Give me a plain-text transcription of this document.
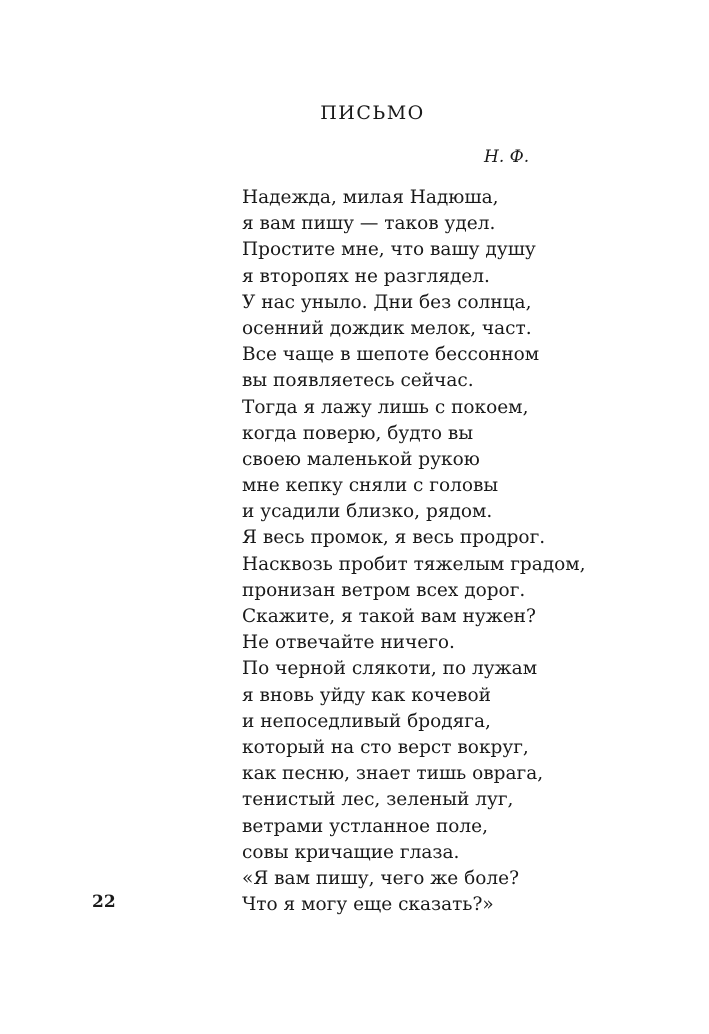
ПИСЬМО
Н. Ф.
Надежда, милая Надюша,
я вам пишу — таков удел.
Простите мне, что вашу душу
я второпях не разглядел.
У нас уныло. Дни без солнца,
осенний дождик мелок, част.
Все чаще в шепоте бессонном
вы появляетесь сейчас.
Тогда я лажу лишь с покоем,
когда поверю, будто вы
своею маленькой рукою
мне кепку сняли с головы
и усадили близко, рядом.
Я весь промок, я весь продрог.
Насквозь пробит тяжелым градом,
пронизан ветром всех дорог.
Скажите, я такой вам нужен?
Не отвечайте ничего.
По черной слякоти, по лужам
я вновь уйду как кочевой
и непоседливый бродяга,
который на сто верст вокруг,
как песню, знает тишь оврага,
тенистый лес, зеленый луг,
ветрами устланное поле,
совы кричащие глаза.
«Я вам пишу, чего же боле?
Что я могу еще сказать?»
22
